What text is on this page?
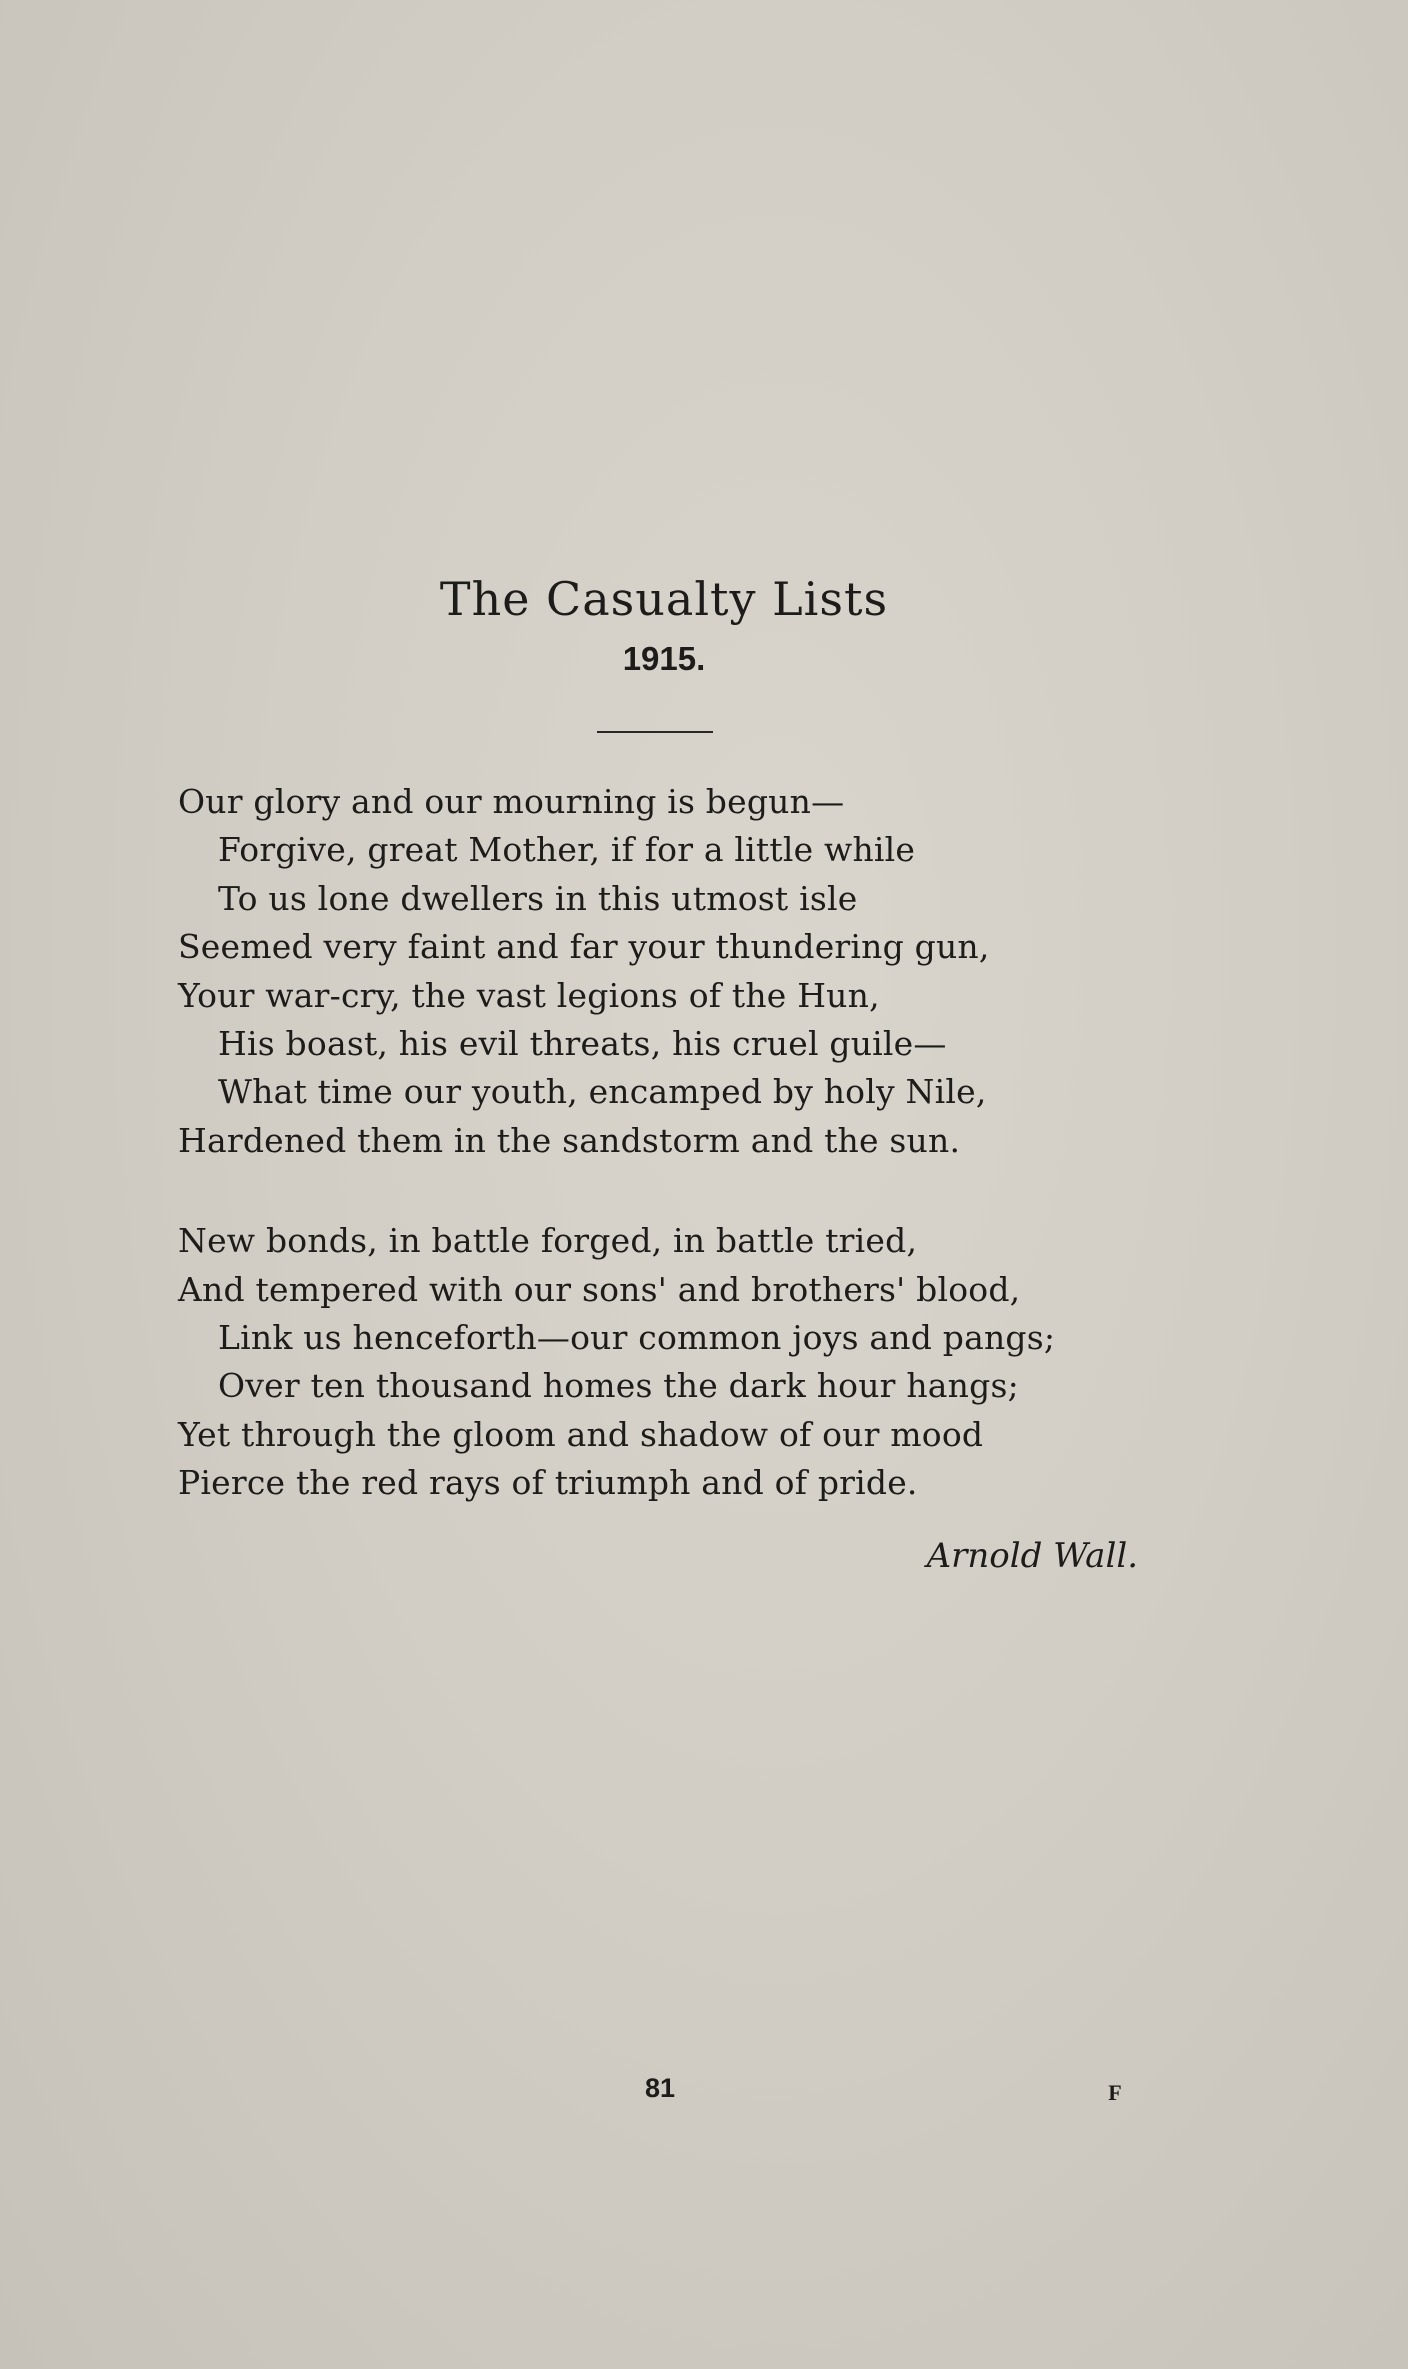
The Casualty Lists
1915.
Our glory and our mourning is begun—
Forgive, great Mother, if for a little while
To us lone dwellers in this utmost isle
Seemed very faint and far your thundering gun,
Your war-cry, the vast legions of the Hun,
His boast, his evil threats, his cruel guile—
What time our youth, encamped by holy Nile,
Hardened them in the sandstorm and the sun.
New bonds, in battle forged, in battle tried,
And tempered with our sons' and brothers' blood,
Link us henceforth—our common joys and pangs;
Over ten thousand homes the dark hour hangs;
Yet through the gloom and shadow of our mood
Pierce the red rays of triumph and of pride.
Arnold Wall.
81	F
